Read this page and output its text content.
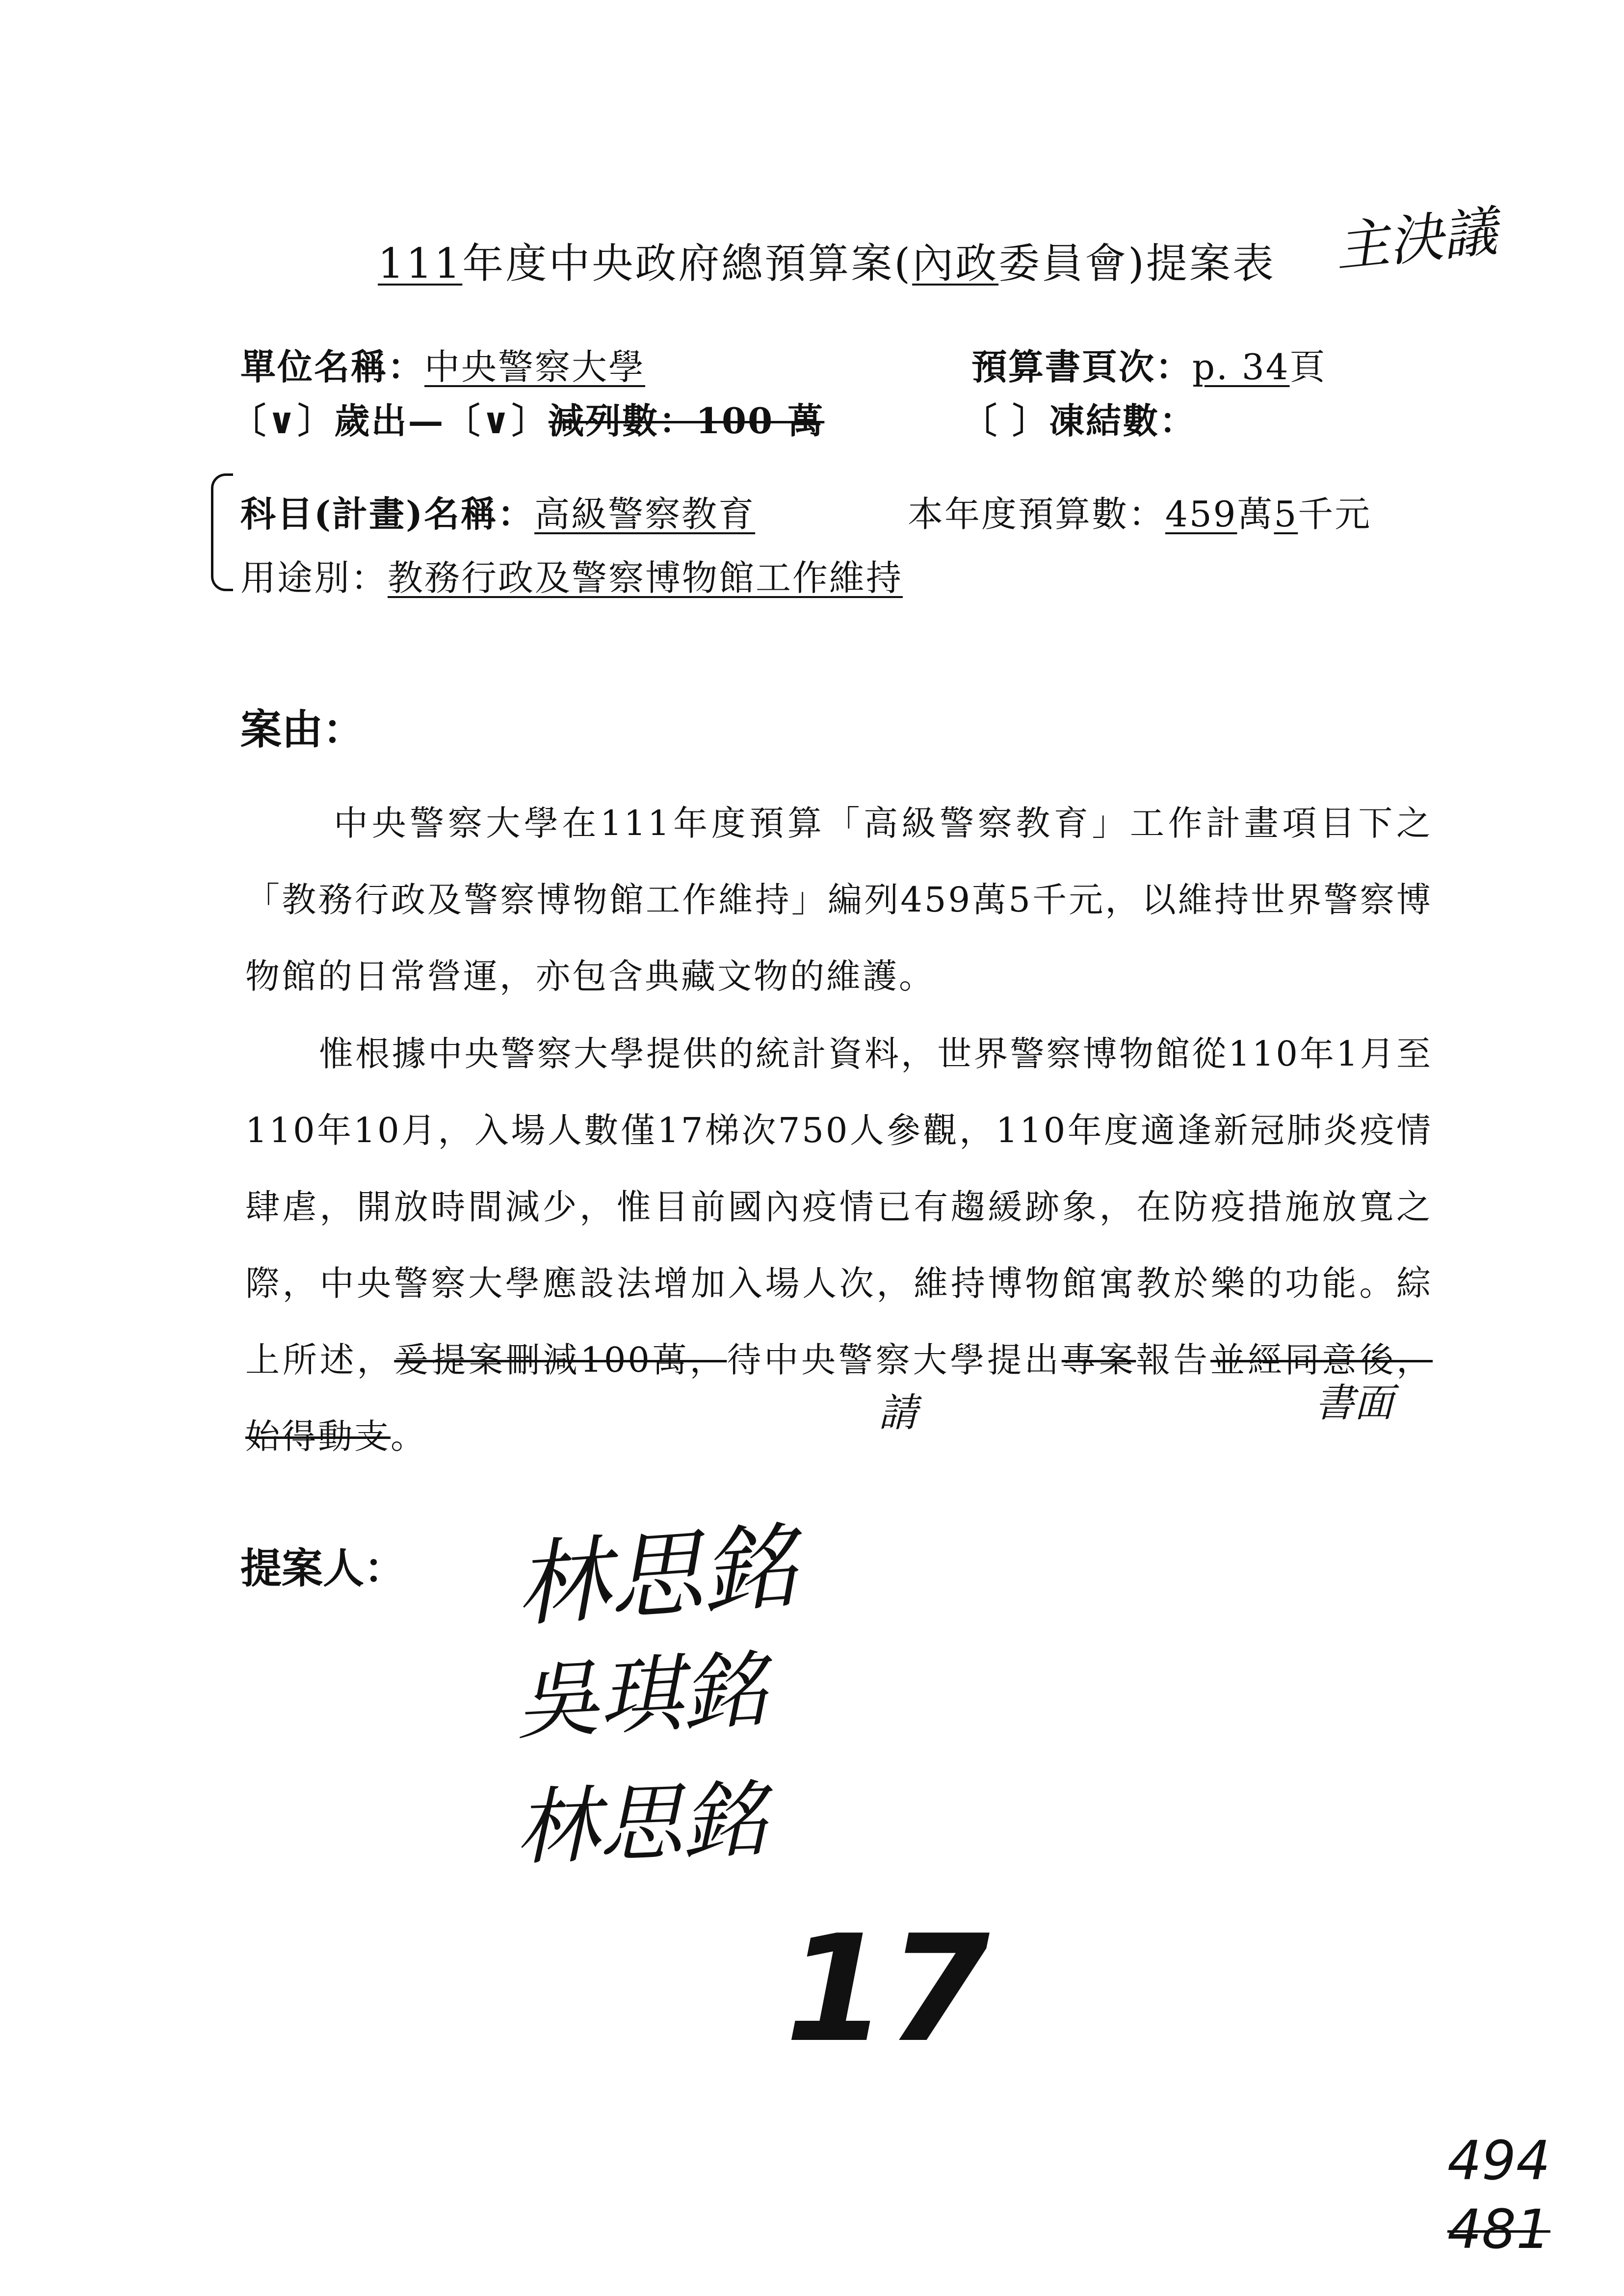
111年度中央政府總預算案(內政委員會)提案表 主決議
單位名稱：中央警察大學	預算書頁次：p. 34頁
〔∨〕歲出—〔∨〕減列數：100 萬	〔 〕凍結數：
科目(計畫)名稱：高級警察教育	本年度預算數：459萬5千元
用途別：教務行政及警察博物館工作維持
案由：
中央警察大學在111年度預算「高級警察教育」工作計畫項目下之「教務行政及警察博物館工作維持」編列459萬5千元，以維持世界警察博物館的日常營運，亦包含典藏文物的維護。
惟根據中央警察大學提供的統計資料，世界警察博物館從110年1月至110年10月，入場人數僅17梯次750人參觀，110年度適逢新冠肺炎疫情肆虐，開放時間減少，惟目前國內疫情已有趨緩跡象，在防疫措施放寬之際，中央警察大學應設法增加入場人次，維持博物館寓教於樂的功能。綜上所述，爰提案刪減100萬，待中央警察大學提出專案報告並經同意後，始得動支。
請	書面
提案人： 林思銘
吳琪銘
林思銘
17
494
481
